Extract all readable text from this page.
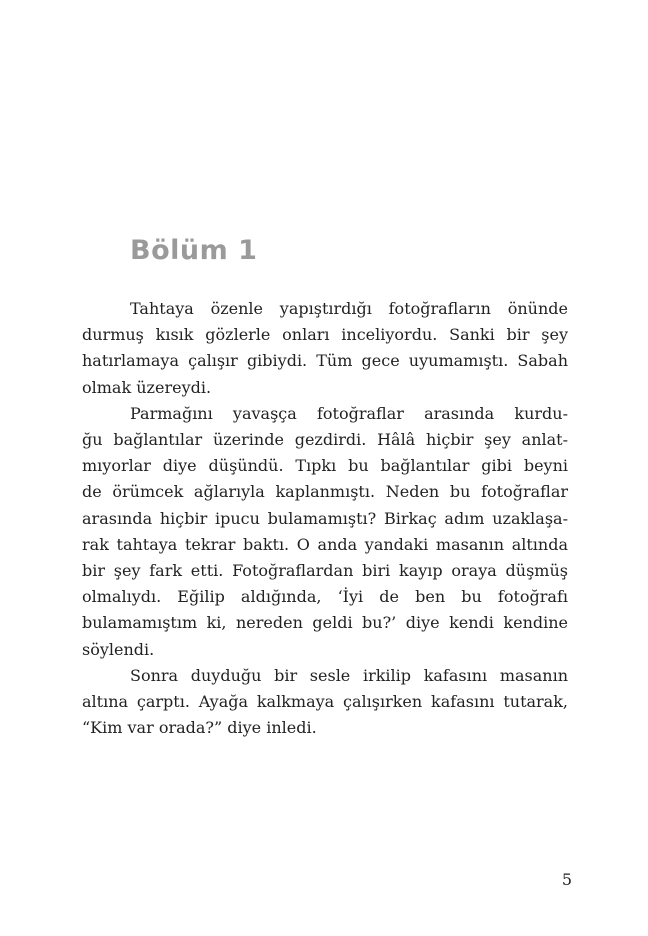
Bölüm 1

Tahtaya özenle yapıştırdığı fotoğrafların önünde
durmuş kısık gözlerle onları inceliyordu. Sanki bir şey
hatırlamaya çalışır gibiydi. Tüm gece uyumamıştı. Sabah
olmak üzereydi.

Parmağını yavaşça fotoğraflar arasında kurdu-
ğu bağlantılar üzerinde gezdirdi. Hâlâ hiçbir şey anlat-
mıyorlar diye düşündü. Tıpkı bu bağlantılar gibi beyni
de örümcek ağlarıyla kaplanmıştı. Neden bu fotoğraflar
arasında hiçbir ipucu bulamamıştı? Birkaç adım uzaklaşa-
rak tahtaya tekrar baktı. O anda yandaki masanın altında
bir şey fark etti. Fotoğraflardan biri kayıp oraya düşmüş
olmalıydı. Eğilip aldığında, ‘İyi de ben bu fotoğrafı
bulamamıştım ki, nereden geldi bu?’ diye kendi kendine
söylendi.

Sonra duyduğu bir sesle irkilip kafasını masanın
altına çarptı. Ayağa kalkmaya çalışırken kafasını tutarak,
“Kim var orada?” diye inledi.

5
